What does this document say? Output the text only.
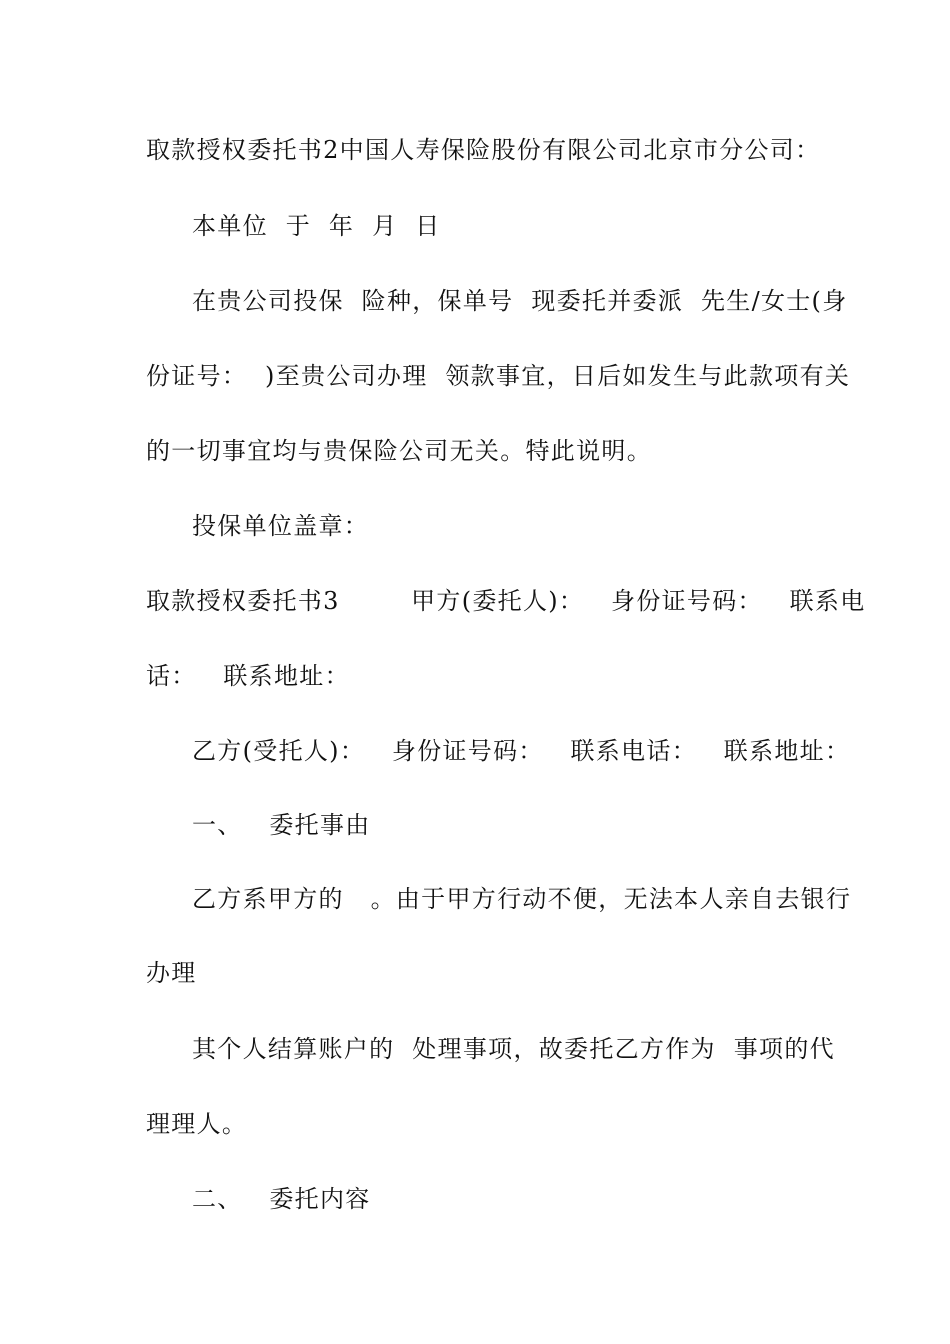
取款授权委托书2中国人寿保险股份有限公司北京市分公司：
本单位  于  年  月  日
在贵公司投保  险种，保单号  现委托并委派  先生/女士(身
份证号：  )至贵公司办理  领款事宜，日后如发生与此款项有关
的一切事宜均与贵保险公司无关。特此说明。
投保单位盖章：
取款授权委托书3        甲方(委托人)：   身份证号码：   联系电
话：   联系地址：
乙方(受托人)：   身份证号码：   联系电话：   联系地址：
一、   委托事由
乙方系甲方的   。由于甲方行动不便，无法本人亲自去银行
办理
其个人结算账户的  处理事项，故委托乙方作为  事项的代
理理人。
二、   委托内容
